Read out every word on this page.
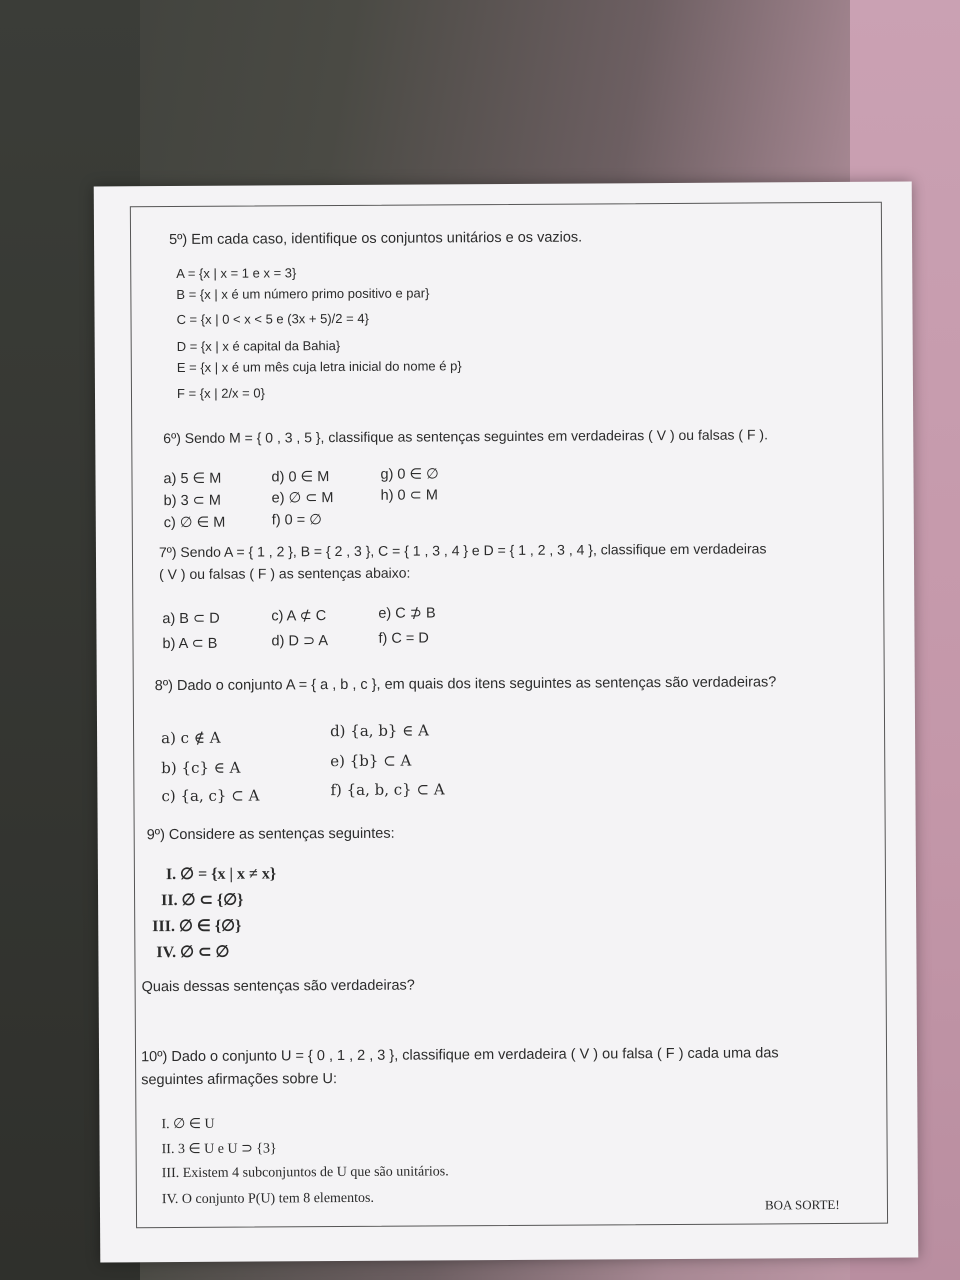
5º) Em cada caso, identifique os conjuntos unitários e os vazios.
A = {x | x = 1 e x = 3}
B = {x | x é um número primo positivo e par}
C = {x | 0 < x < 5 e (3x + 5)/2 = 4}
D = {x | x é capital da Bahia}
E = {x | x é um mês cuja letra inicial do nome é p}
F = {x | 2/x = 0}
6º) Sendo M = { 0 , 3 , 5 }, classifique as sentenças seguintes em verdadeiras ( V ) ou falsas ( F ).
a) 5 ∈ M	d) 0 ∈ M	g) 0 ∈ ∅
b) 3 ⊂ M	e) ∅ ⊂ M	h) 0 ⊂ M
c) ∅ ∈ M	f) 0 = ∅
7º) Sendo A = { 1 , 2 }, B = { 2 , 3 }, C = { 1 , 3 , 4 } e D = { 1 , 2 , 3 , 4 }, classifique em verdadeiras
( V ) ou falsas ( F ) as sentenças abaixo:
a) B ⊂ D	c) A ⊄ C	e) C ⊅ B
b) A ⊂ B	d) D ⊃ A	f) C = D
8º) Dado o conjunto A = { a , b , c }, em quais dos itens seguintes as sentenças são verdadeiras?
a) c ∉ A	d) {a, b} ∈ A
b) {c} ∈ A	e) {b} ⊂ A
c) {a, c} ⊂ A	f) {a, b, c} ⊂ A
9º) Considere as sentenças seguintes:
I. ∅ = {x | x ≠ x}
II. ∅ ⊂ {∅}
III. ∅ ∈ {∅}
IV. ∅ ⊂ ∅
Quais dessas sentenças são verdadeiras?
10º) Dado o conjunto U = { 0 , 1 , 2 , 3 }, classifique em verdadeira ( V ) ou falsa ( F ) cada uma das
seguintes afirmações sobre U:
I. ∅ ∈ U
II. 3 ∈ U e U ⊃ {3}
III. Existem 4 subconjuntos de U que são unitários.
IV. O conjunto P(U) tem 8 elementos.	BOA SORTE!
